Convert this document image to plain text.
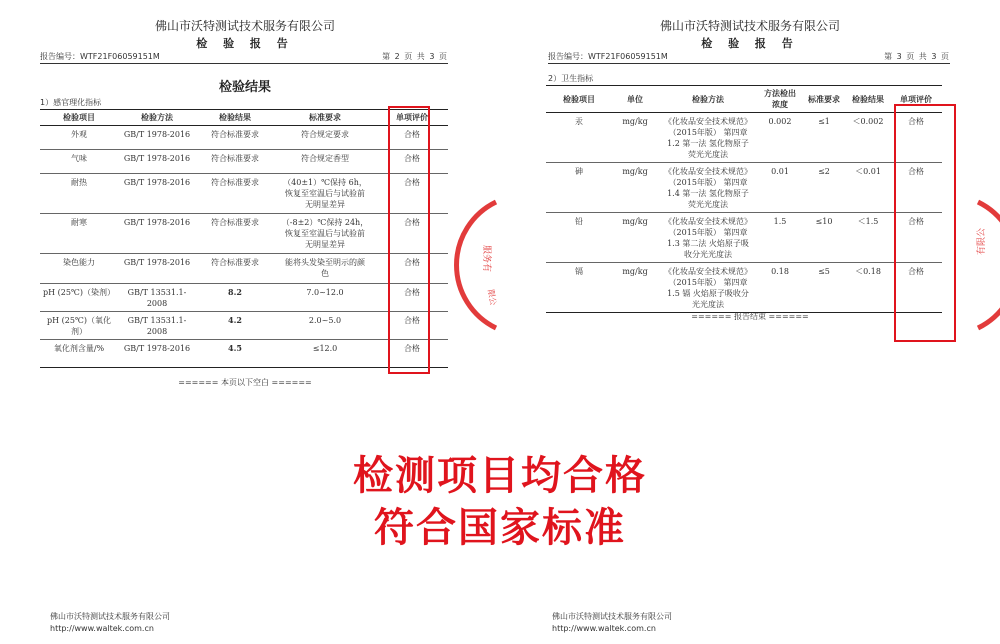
佛山市沃特测试技术服务有限公司
检 验 报 告
报告编号：WTF21F06059151M	第 2 页 共 3 页
检验结果
1）感官理化指标
检验项目	检验方法	检验结果	标准要求	单项评价
外观	GB/T 1978-2016	符合标准要求	符合规定要求	合格
气味	GB/T 1978-2016	符合标准要求	符合规定香型	合格
耐热	GB/T 1978-2016	符合标准要求	（40±1）℃保持 6h，
恢复至室温后与试验前
无明显差异	合格
耐寒	GB/T 1978-2016	符合标准要求	（-8±2）℃保持 24h，
恢复至室温后与试验前
无明显差异	合格
染色能力	GB/T 1978-2016	符合标准要求	能将头发染至明示的颜
色	合格
pH (25℃)（染剂）	GB/T 13531.1-2008	8.2	7.0~12.0	合格
pH (25℃)（氧化剂）	GB/T 13531.1-2008	4.2	2.0~5.0	合格
氧化剂含量/%	GB/T 1978-2016	4.5	≤12.0	合格
====== 本页以下空白 ======
服务有
限公
佛山市沃特测试技术服务有限公司
http://www.waltek.com.cn
佛山市沃特测试技术服务有限公司
检 验 报 告
报告编号：WTF21F06059151M	第 3 页 共 3 页
2）卫生指标
检验项目	单位	检验方法	方法检出
浓度	标准要求	检验结果	单项评价
汞	mg/kg	《化妆品安全技术规范》
（2015年版） 第四章
1.2 第一法 氢化物原子
荧光光度法	0.002	≤1	＜0.002	合格
砷	mg/kg	《化妆品安全技术规范》
（2015年版） 第四章
1.4 第一法 氢化物原子
荧光光度法	0.01	≤2	＜0.01	合格
铅	mg/kg	《化妆品安全技术规范》
（2015年版） 第四章
1.3 第二法 火焰原子吸
收分光光度法	1.5	≤10	＜1.5	合格
镉	mg/kg	《化妆品安全技术规范》
（2015年版） 第四章
1.5 镉 火焰原子吸收分
光光度法	0.18	≤5	＜0.18	合格
====== 报告结束 ======
有限公
佛山市沃特测试技术服务有限公司
http://www.waltek.com.cn
检测项目均合格
符合国家标准
